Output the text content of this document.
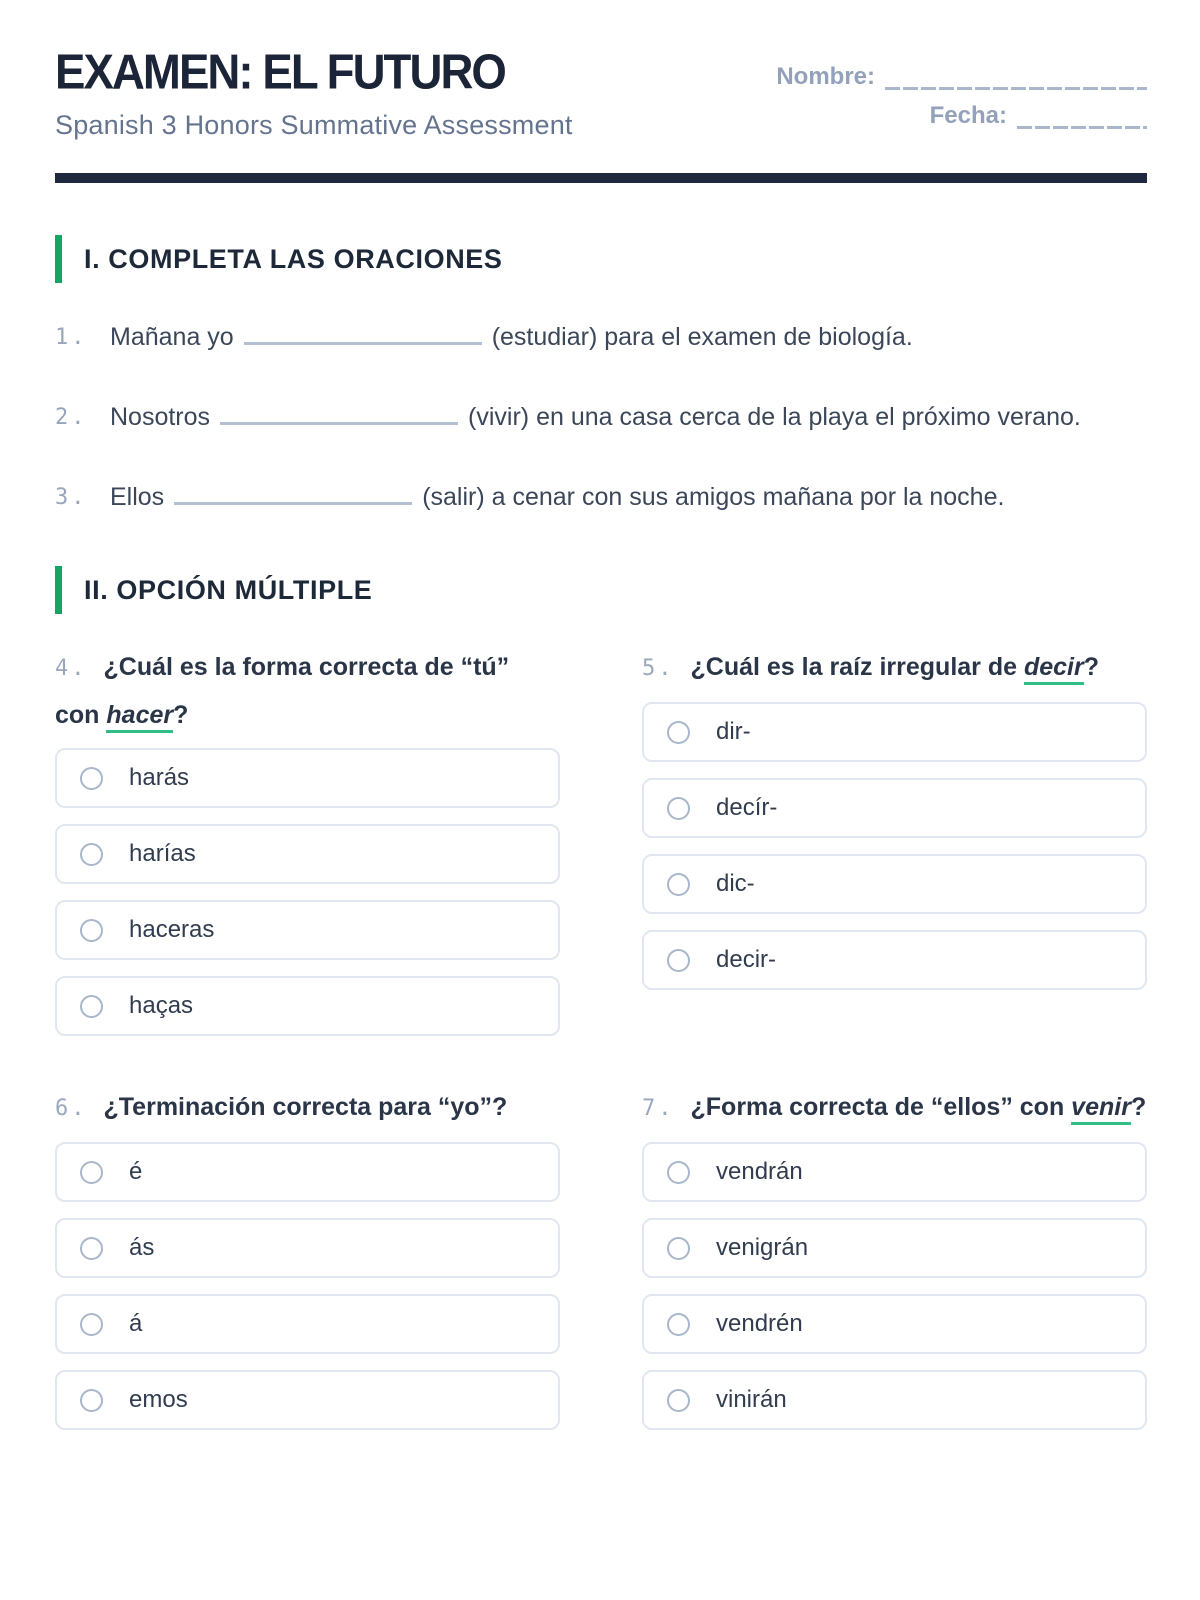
EXAMEN: EL FUTURO
Spanish 3 Honors Summative Assessment
Nombre:
Fecha:
I. COMPLETA LAS ORACIONES
1. Mañana yo	(estudiar) para el examen de biología.
2. Nosotros	(vivir) en una casa cerca de la playa el próximo verano.
3. Ellos	(salir) a cenar con sus amigos mañana por la noche.
II. OPCIÓN MÚLTIPLE
4. ¿Cuál es la forma correcta de “tú” con hacer?
harás
harías
haceras
haças
5. ¿Cuál es la raíz irregular de decir?
dir-
decír-
dic-
decir-
6. ¿Terminación correcta para “yo”?
é
ás
á
emos
7. ¿Forma correcta de “ellos” con venir?
vendrán
venigrán
vendrén
vinirán
